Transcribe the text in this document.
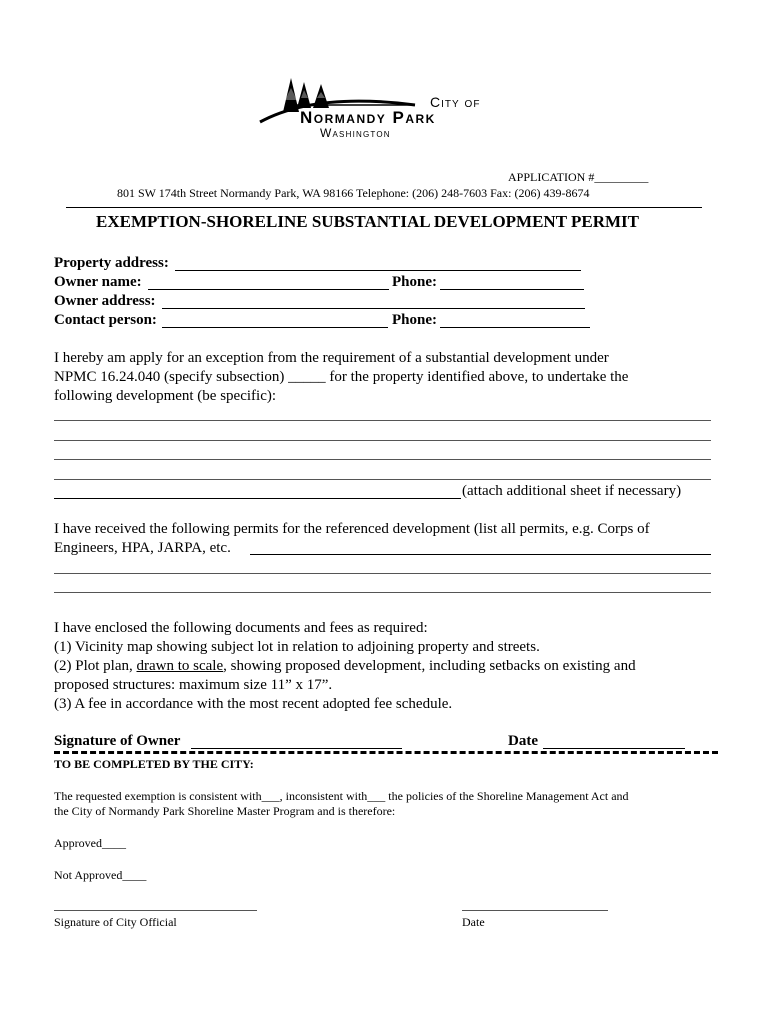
City of
Normandy Park
Washington
APPLICATION #_________
801 SW 174th Street Normandy Park, WA 98166 Telephone: (206) 248-7603 Fax: (206) 439-8674
EXEMPTION-SHORELINE SUBSTANTIAL DEVELOPMENT PERMIT
Property address:
Owner name:	Phone:
Owner address:
Contact person:	Phone:
I hereby am apply for an exception from the requirement of a substantial development under
NPMC 16.24.040 (specify subsection) _____ for the property identified above, to undertake the
following development (be specific):
(attach additional sheet if necessary)
I have received the following permits for the referenced development (list all permits, e.g. Corps of
Engineers, HPA, JARPA, etc.
I have enclosed the following documents and fees as required:
(1) Vicinity map showing subject lot in relation to adjoining property and streets.
(2) Plot plan, drawn to scale, showing proposed development, including setbacks on existing and
proposed structures: maximum size 11” x 17”.
(3) A fee in accordance with the most recent adopted fee schedule.
Signature of Owner	Date
TO BE COMPLETED BY THE CITY:
The requested exemption is consistent with___, inconsistent with___ the policies of the Shoreline Management Act and
the City of Normandy Park Shoreline Master Program and is therefore:
Approved____
Not Approved____
Signature of City Official	Date
